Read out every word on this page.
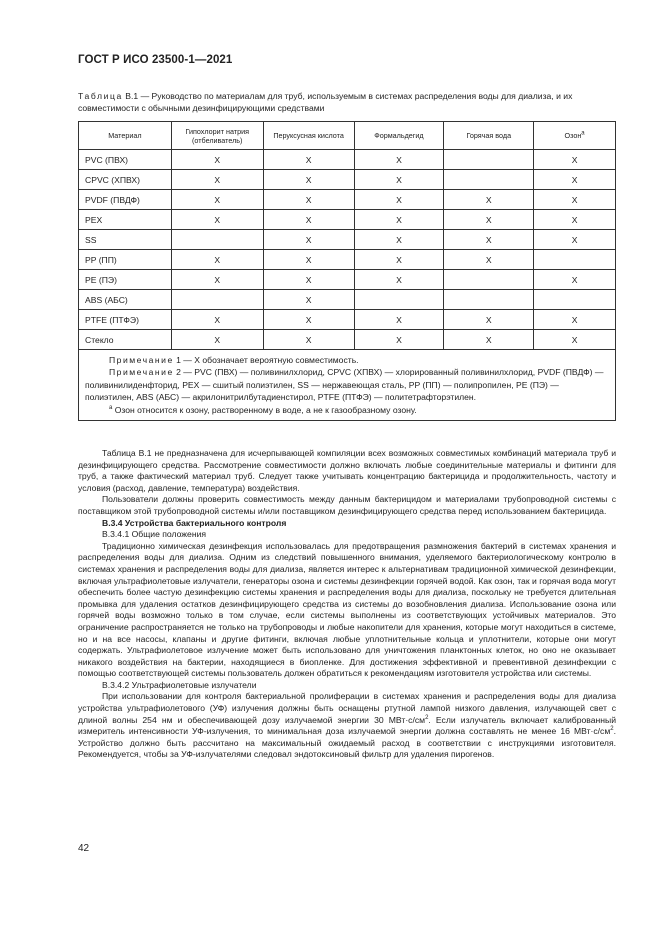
ГОСТ Р ИСО 23500-1—2021
Таблица В.1 — Руководство по материалам для труб, используемым в системах распределения воды для диализа, и их совместимости с обычными дезинфицирующими средствами
Материал	Гипохлорит натрия (отбеливатель)	Перуксусная кислота	Формальдегид	Горячая вода	Озон$^а$
PVC (ПВХ)	X	X	X		X
CPVC (ХПВХ)	X	X	X		X
PVDF (ПВДФ)	X	X	X	X	X
PEX	X	X	X	X	X
SS		X	X	X	X
PP (ПП)	X	X	X	X	
PE (ПЭ)	X	X	X		X
ABS (АБС)		X			
PTFE (ПТФЭ)	X	X	X	X	X
Стекло	X	X	X	X	X

Примечание 1 — X обозначает вероятную совместимость.

Примечание 2 — PVC (ПВХ) — поливинилхлорид, CPVC (ХПВХ) — хлорированный поливинилхлорид, PVDF (ПВДФ) — поливинилиденфторид, PEX — сшитый полиэтилен, SS — нержавеющая сталь, PP (ПП) — полипропилен, PE (ПЭ) — полиэтилен, ABS (АБС) — акрилонитрилбутадиенстирол, PTFE (ПТФЭ) — политетрафторэтилен.

$^а$ Озон относится к озону, растворенному в воде, а не к газообразному озону.					

Таблица В.1 не предназначена для исчерпывающей компиляции всех возможных совместимых комбинаций материала труб и дезинфицирующего средства. Рассмотрение совместимости должно включать любые соединительные материалы и фитинги для труб, а также фактический материал труб. Следует также учитывать концентрацию бактерицида и продолжительность, частоту и условия (расход, давление, температура) воздействия.

Пользователи должны проверить совместимость между данным бактерицидом и материалами трубопроводной системы с поставщиком этой трубопроводной системы и/или поставщиком дезинфицирующего средства перед использованием бактерицида.

В.3.4 Устройства бактериального контроля

В.3.4.1 Общие положения

Традиционно химическая дезинфекция использовалась для предотвращения размножения бактерий в системах хранения и распределения воды для диализа. Одним из следствий повышенного внимания, уделяемого бактериологическому контролю в системах хранения и распределения воды для диализа, является интерес к альтернативам традиционной химической дезинфекции, включая ультрафиолетовые излучатели, генераторы озона и системы дезинфекции горячей водой. Как озон, так и горячая вода могут обеспечить более частую дезинфекцию системы хранения и распределения воды для диализа, поскольку не требуется длительная промывка для удаления остатков дезинфицирующего средства из системы до возобновления диализа. Использование озона или горячей воды возможно только в том случае, если системы выполнены из соответствующих устойчивых материалов. Это ограничение распространяется не только на трубопроводы и любые накопители для хранения, которые могут находиться в системе, но и на все насосы, клапаны и другие фитинги, включая любые уплотнительные кольца и уплотнители, которые они могут содержать. Ультрафиолетовое излучение может быть использовано для уничтожения планктонных клеток, но оно не оказывает никакого воздействия на бактерии, находящиеся в биопленке. Для достижения эффективной и превентивной дезинфекции с помощью соответствующей системы пользователь должен обратиться к рекомендациям изготовителя устройства или системы.

В.3.4.2 Ультрафиолетовые излучатели

При использовании для контроля бактериальной пролиферации в системах хранения и распределения воды для диализа устройства ультрафиолетового (УФ) излучения должны быть оснащены ртутной лампой низкого давления, излучающей свет с длиной волны 254 нм и обеспечивающей дозу излучаемой энергии 30 $МВт\cdot с/см^2$. Если излучатель включает калиброванный измеритель интенсивности УФ-излучения, то минимальная доза излучаемой энергии должна составлять не менее 16 $МВт\cdot с/см^2$. Устройство должно быть рассчитано на максимальный ожидаемый расход в соответствии с инструкциями изготовителя. Рекомендуется, чтобы за УФ-излучателями следовал эндотоксиновый фильтр для удаления пирогенов.

42
